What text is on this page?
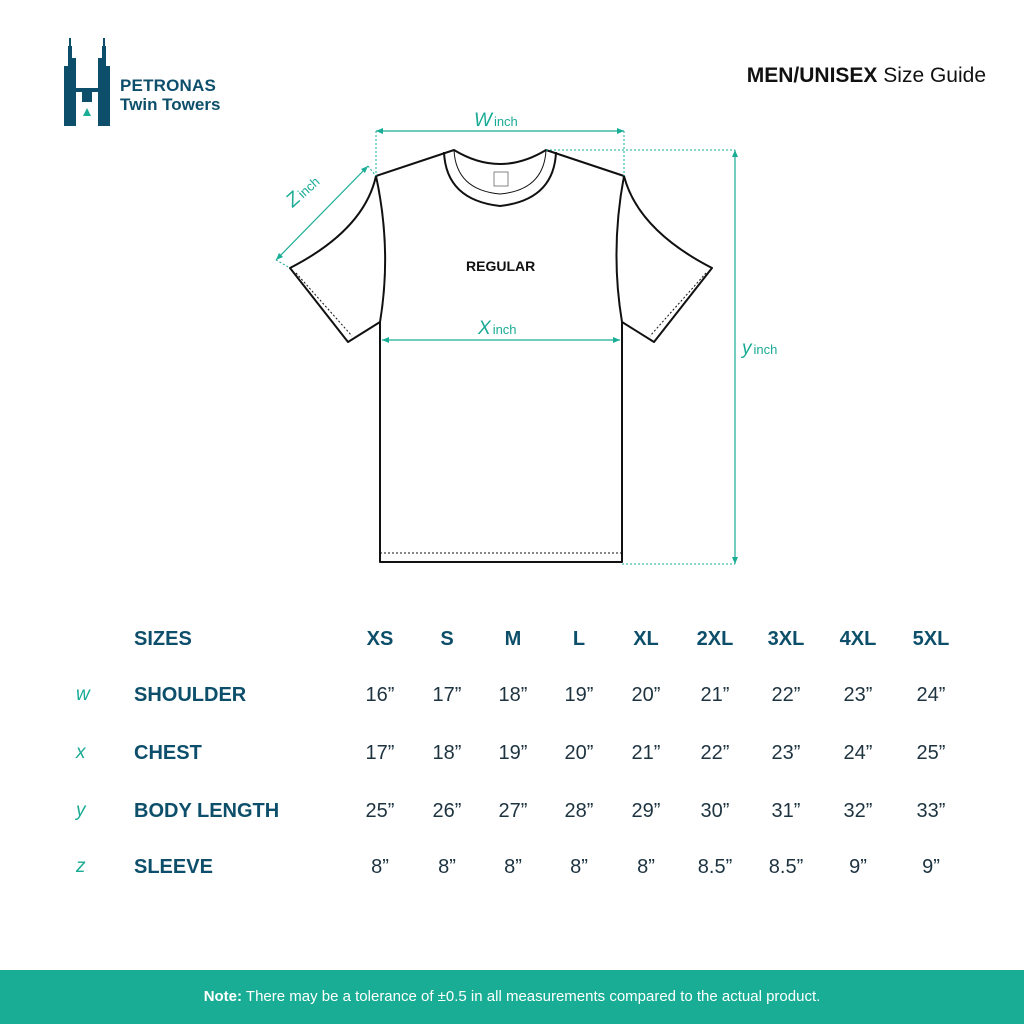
PETRONAS
Twin Towers
MEN/UNISEX Size Guide
REGULAR
W inch
X inch
y inch
Zinch
SIZES	XS	S	M	L	XL	2XL	3XL	4XL	5XL
w SHOULDER	16”	17”	18”	19”	20”	21”	22”	23”	24”
x CHEST	17”	18”	19”	20”	21”	22”	23”	24”	25”
y BODY LENGTH	25”	26”	27”	28”	29”	30”	31”	32”	33”
z SLEEVE	8”	8”	8”	8”	8”	8.5”	8.5”	9”	9”
Note: There may be a tolerance of ±0.5 in all measurements compared to the actual product.
